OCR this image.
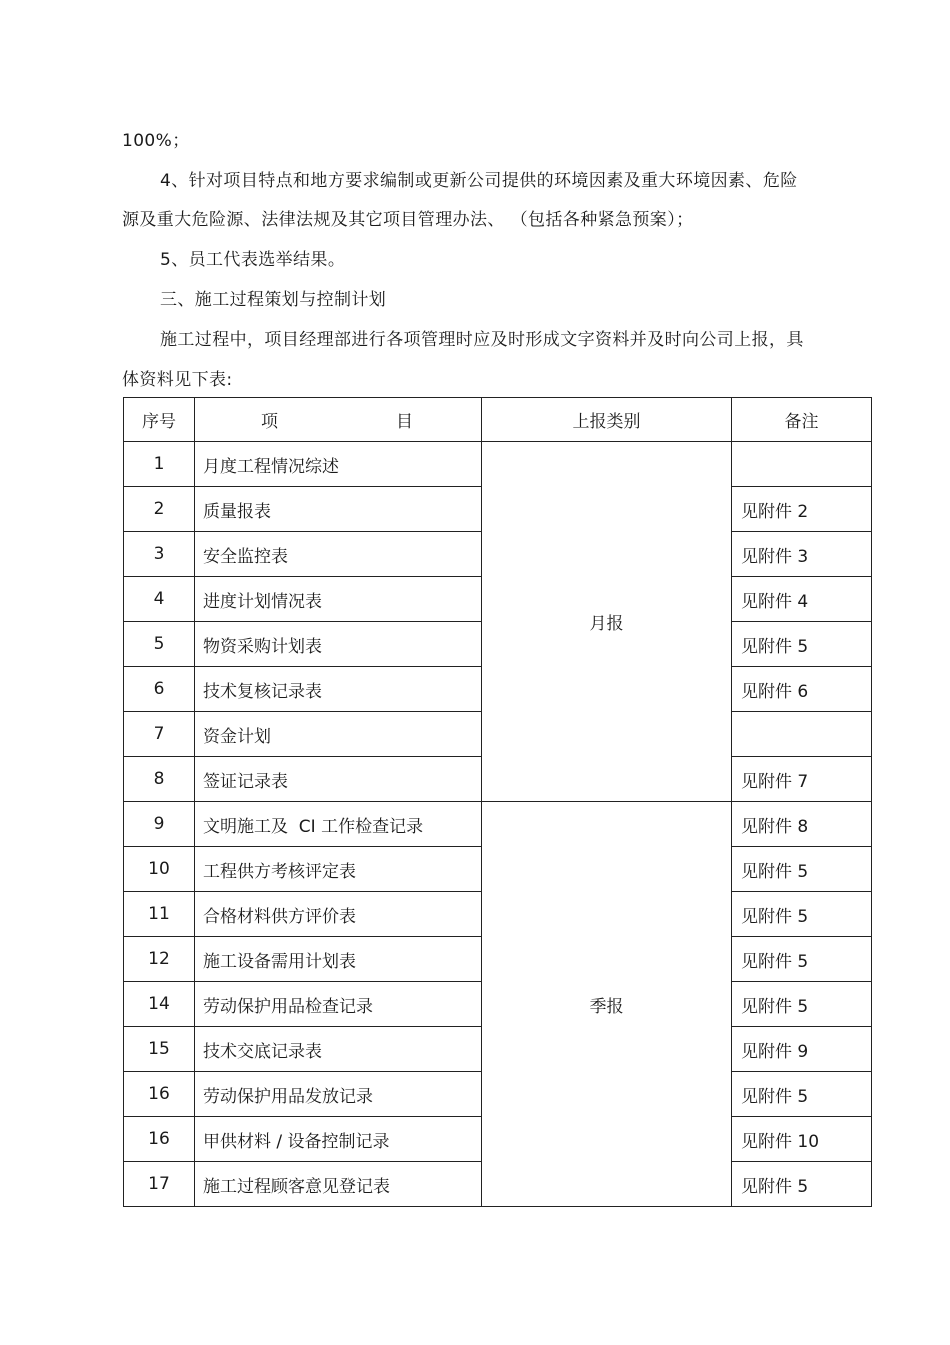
100%；
4、针对项目特点和地方要求编制或更新公司提供的环境因素及重大环境因素、危险
源及重大危险源、法律法规及其它项目管理办法、 （包括各种紧急预案）；
5、员工代表选举结果。
三、施工过程策划与控制计划
施工过程中，项目经理部进行各项管理时应及时形成文字资料并及时向公司上报，具
体资料见下表:
序号	项 目	上报类别	备注
1	月度工程情况综述	月报	
2	质量报表		见附件 2
3	安全监控表		见附件 3
4	进度计划情况表		见附件 4
5	物资采购计划表		见附件 5
6	技术复核记录表		见附件 6
7	资金计划		
8	签证记录表		见附件 7
9	文明施工及  CI 工作检查记录	季报	见附件 8
10	工程供方考核评定表		见附件 5
11	合格材料供方评价表		见附件 5
12	施工设备需用计划表		见附件 5
14	劳动保护用品检查记录		见附件 5
15	技术交底记录表		见附件 9
16	劳动保护用品发放记录		见附件 5
16	甲供材料 / 设备控制记录		见附件 10
17	施工过程顾客意见登记表		见附件 5
